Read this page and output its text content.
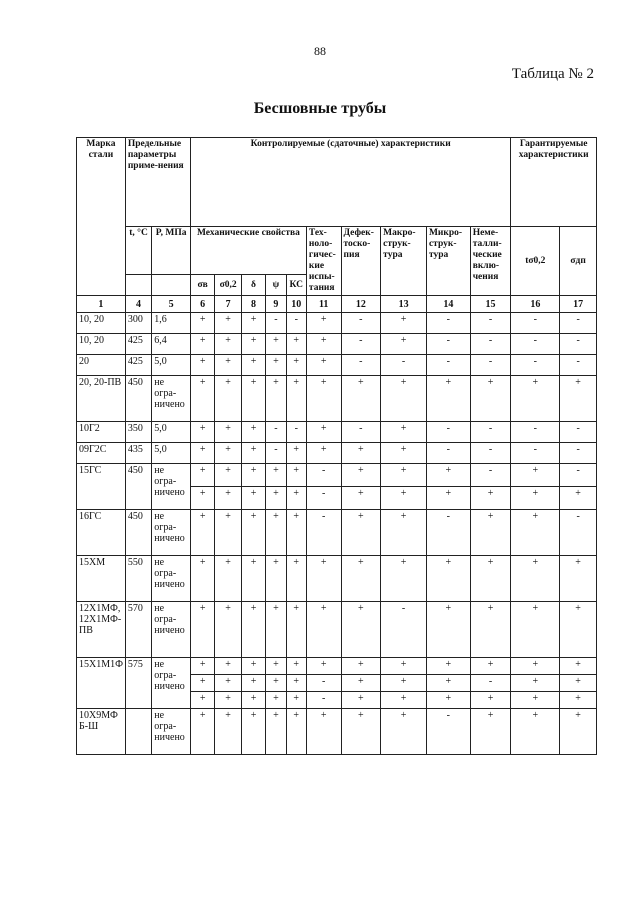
88
Таблица № 2
Бесшовные трубы
Марка стали	Предельные параметры приме-нения		Контролируемые (сдаточные) характеристики										Гарантируемые характеристики	
	t, °C	P, МПа	Механические свойства					Тех-ноло-гичес-кие испы-тания	Дефек-тоско-пия	Макро-струк-тура	Микро-струк-тура	Неме-талли-ческие вклю-чения		
													tσ0,2	σдп
			σв	σ0,2	δ	ψ	КС							
1	4	5	6	7	8	9	10	11	12	13	14	15	16	17
10, 20	300	1,6	+	+	+	-	-	+	-	+	-	-	-	-
10, 20	425	6,4	+	+	+	+	+	+	-	+	-	-	-	-
20	425	5,0	+	+	+	+	+	+	-	-	-	-	-	-
20, 20-ПВ	450	не огра-ничено	+	+	+	+	+	+	+	+	+	+	+	+
10Г2	350	5,0	+	+	+	-	-	+	-	+	-	-	-	-
09Г2С	435	5,0	+	+	+	-	+	+	+	+	-	-	-	-
15ГС	450	не огра-ничено	+	+	+	+	+	-	+	+	+	-	+	-
			+	+	+	+	+	-	+	+	+	+	+	+
16ГС	450	не огра-ничено	+	+	+	+	+	-	+	+	-	+	+	-
15ХМ	550	не огра-ничено	+	+	+	+	+	+	+	+	+	+	+	+
12Х1МФ, 12Х1МФ-ПВ	570	не огра-ничено	+	+	+	+	+	+	+	-	+	+	+	+
15Х1М1Ф	575	не огра-ничено	+	+	+	+	+	+	+	+	+	+	+	+
			+	+	+	+	+	-	+	+	+	-	+	+
			+	+	+	+	+	-	+	+	+	+	+	+
10Х9МФ Б-Ш		не огра-ничено	+	+	+	+	+	+	+	+	-	+	+	+
